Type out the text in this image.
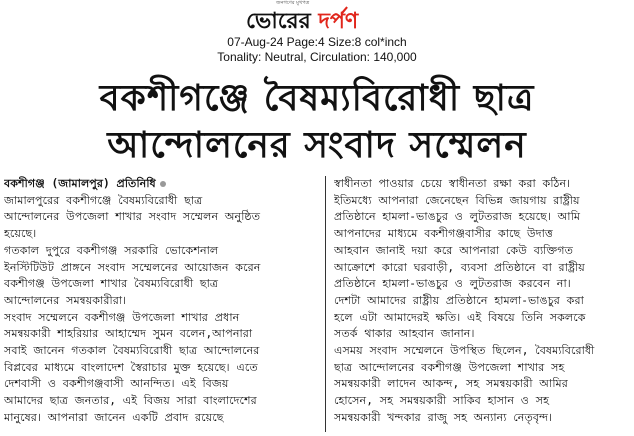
জনগণের মুখপত্র
ভোরের দর্পণ
07-Aug-24 Page:4 Size:8 col*inch
Tonality: Neutral, Circulation: 140,000
বকশীগঞ্জে বৈষম্যবিরোধী ছাত্র
আন্দোলনের সংবাদ সম্মেলন
বকশীগঞ্জ (জামালপুর) প্রতিনিধি
জামালপুরের বকশীগঞ্জে বৈষম্যবিরোধী ছাত্র
আন্দোলনের উপজেলা শাখার সংবাদ সম্মেলন অনুষ্ঠিত
হয়েছে।
গতকাল দুপুরে বকশীগঞ্জ সরকারি ভোকেশনাল
ইনস্টিটিউট প্রাঙ্গনে সংবাদ সম্মেলনের আয়োজন করেন
বকশীগঞ্জ উপজেলা শাখার বৈষম্যবিরোধী ছাত্র
আন্দোলনের সমন্বয়কারীরা।
সংবাদ সম্মেলনে বকশীগঞ্জ উপজেলা শাখার প্রধান
সমন্বয়কারী শাহরিয়ার আহাম্মেদ সুমন বলেন,আপনারা
সবাই জানেন গতকাল বৈষম্যবিরোধী ছাত্র আন্দোলনের
বিপ্লবের মাধ্যমে বাংলাদেশ স্বৈরাচার মুক্ত হয়েছে। এতে
দেশবাসী ও বকশীগঞ্জবাসী আনন্দিত। এই বিজয়
আমাদের ছাত্র জনতার, এই বিজয় সারা বাংলাদেশের
মানুষের। আপনারা জানেন একটি প্রবাদ রয়েছে
স্বাধীনতা পাওয়ার চেয়ে স্বাধীনতা রক্ষা করা কঠিন।
ইতিমধ্যে আপনারা জেনেছেন বিভিন্ন জায়গায় রাষ্ট্রীয়
প্রতিষ্ঠানে হামলা-ভাঙচুর ও লুটতরাজ হয়েছে। আমি
আপনাদের মাধ্যমে বকশীগঞ্জবাসীর কাছে উদাত্ত
আহবান জানাই দয়া করে আপনারা কেউ ব্যক্তিগত
আক্রোশে কারো ঘরবাড়ী, ব্যবসা প্রতিষ্ঠানে বা রাষ্ট্রীয়
প্রতিষ্ঠানে হামলা-ভাঙচুর ও লুটতরাজ করবেন না।
দেশটা আমাদের রাষ্ট্রীয় প্রতিষ্ঠানে হামলা-ভাঙচুর করা
হলে এটা আমাদেরই ক্ষতি। এই বিষয়ে তিনি সকলকে
সতর্ক থাকার আহবান জানান।
এসময় সংবাদ সম্মেলনে উপস্থিত ছিলেন, বৈষম্যবিরোধী
ছাত্র আন্দোলনের বকশীগঞ্জ উপজেলা শাখার সহ
সমন্বয়কারী লাদেন আকন্দ, সহ সমন্বয়কারী আমির
হোসেন, সহ সমন্বয়কারী সাকিব হাসান ও সহ
সমন্বয়কারী খন্দকার রাজু সহ অন্যান্য নেতৃবৃন্দ।
